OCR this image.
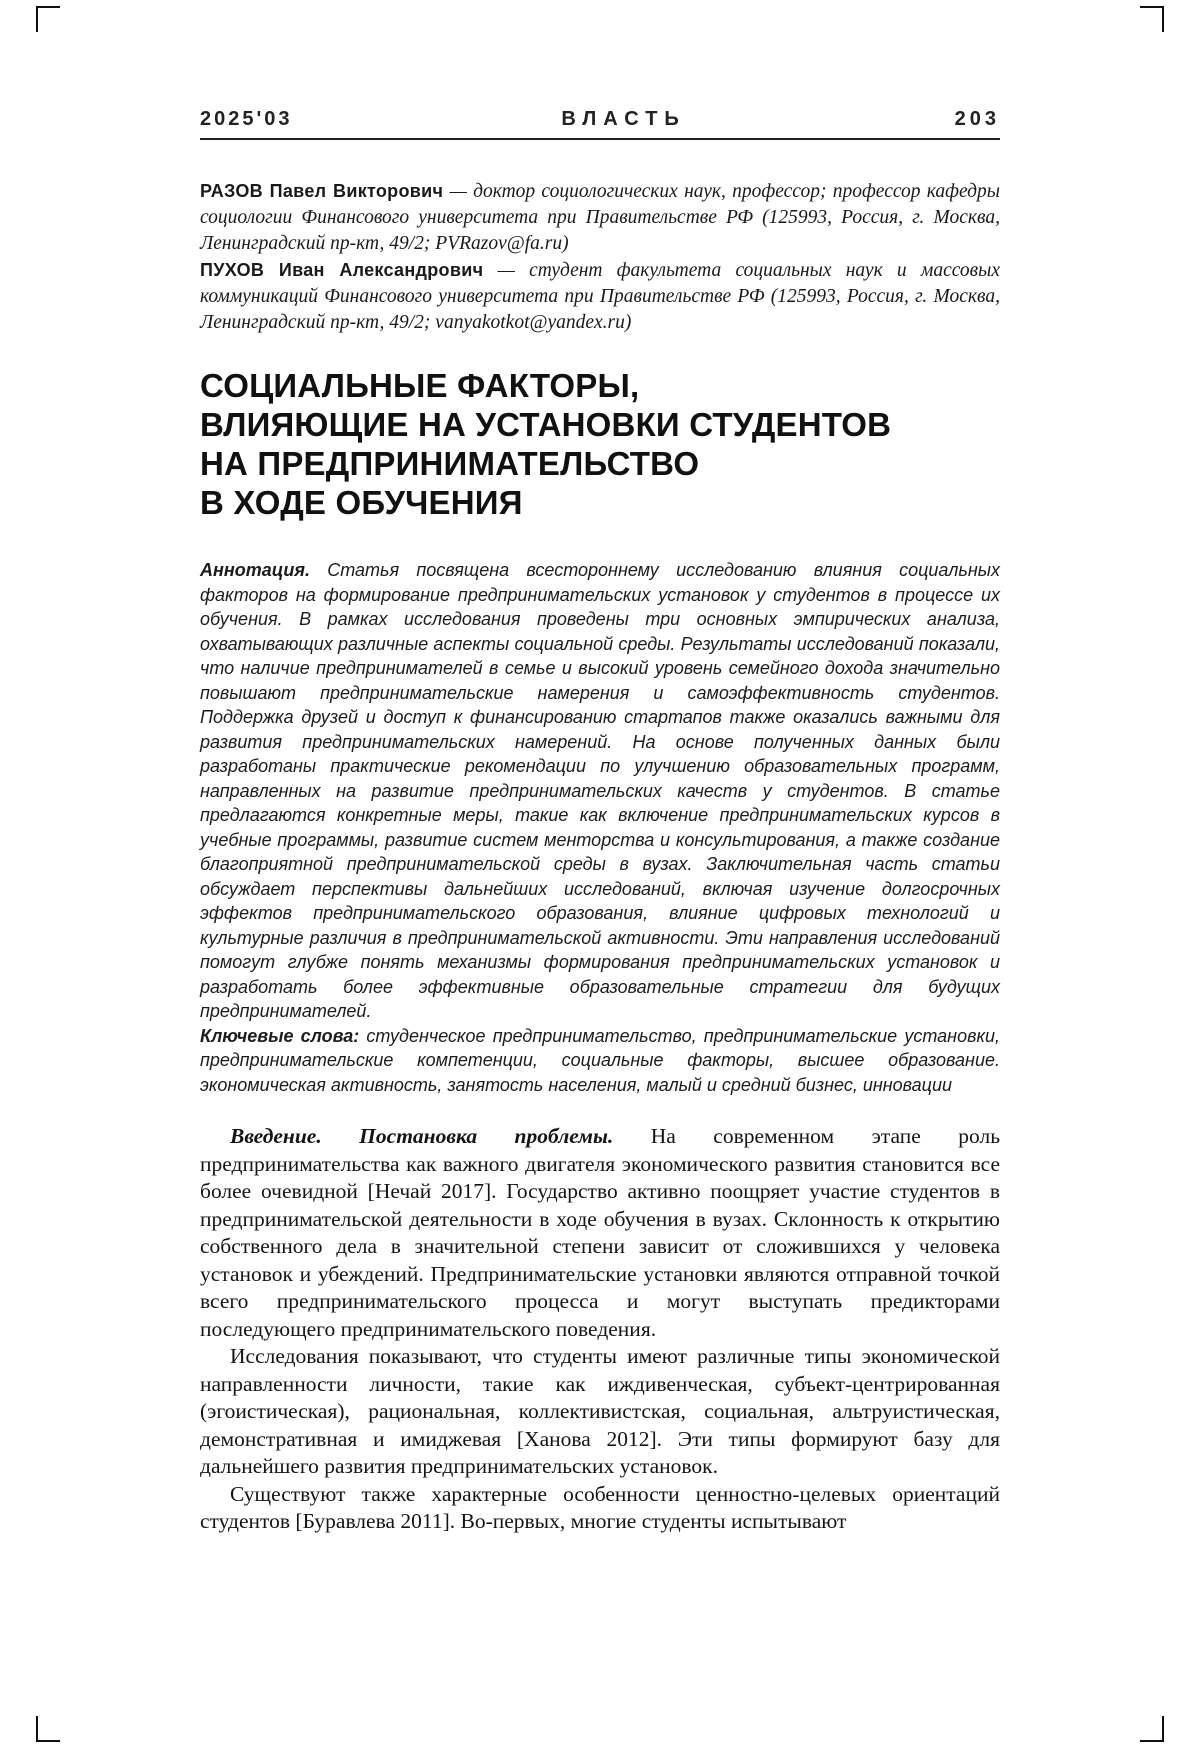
2025'03	ВЛАСТЬ	203
РАЗОВ Павел Викторович — доктор социологических наук, профессор; профессор кафедры социологии Финансового университета при Правительстве РФ (125993, Россия, г. Москва, Ленинградский пр-кт, 49/2; PVRazov@fa.ru)
ПУХОВ Иван Александрович — студент факультета социальных наук и массовых коммуникаций Финансового университета при Правительстве РФ (125993, Россия, г. Москва, Ленинградский пр-кт, 49/2; vanyakotkot@yandex.ru)
СОЦИАЛЬНЫЕ ФАКТОРЫ,
ВЛИЯЮЩИЕ НА УСТАНОВКИ СТУДЕНТОВ
НА ПРЕДПРИНИМАТЕЛЬСТВО
В ХОДЕ ОБУЧЕНИЯ

Аннотация. Статья посвящена всестороннему исследованию влияния социальных факторов на формирование предпринимательских установок у студентов в процессе их обучения. В рамках исследования проведены три основных эмпирических анализа, охватывающих различные аспекты социальной среды. Результаты исследований показали, что наличие предпринимателей в семье и высокий уровень семейного дохода значительно повышают предпринимательские намерения и самоэффективность студентов. Поддержка друзей и доступ к финансированию стартапов также оказались важными для развития предпринимательских намерений. На основе полученных данных были разработаны практические рекомендации по улучшению образовательных программ, направленных на развитие предпринимательских качеств у студентов. В статье предлагаются конкретные меры, такие как включение предпринимательских курсов в учебные программы, развитие систем менторства и консультирования, а также создание благоприятной предпринимательской среды в вузах. Заключительная часть статьи обсуждает перспективы дальнейших исследований, включая изучение долгосрочных эффектов предпринимательского образования, влияние цифровых технологий и культурные различия в предпринимательской активности. Эти направления исследований помогут глубже понять механизмы формирования предпринимательских установок и разработать более эффективные образовательные стратегии для будущих предпринимателей.

Ключевые слова: студенческое предпринимательство, предпринимательские установки, предпринимательские компетенции, социальные факторы, высшее образование. экономическая активность, занятость населения, малый и средний бизнес, инновации

Введение. Постановка проблемы. На современном этапе роль предпринимательства как важного двигателя экономического развития становится все более очевидной [Нечай 2017]. Государство активно поощряет участие студентов в предпринимательской деятельности в ходе обучения в вузах. Склонность к открытию собственного дела в значительной степени зависит от сложившихся у человека установок и убеждений. Предпринимательские установки являются отправной точкой всего предпринимательского процесса и могут выступать предикторами последующего предпринимательского поведения.

Исследования показывают, что студенты имеют различные типы экономической направленности личности, такие как иждивенческая, субъект-центрированная (эгоистическая), рациональная, коллективистская, социальная, альтруистическая, демонстративная и имиджевая [Ханова 2012]. Эти типы формируют базу для дальнейшего развития предпринимательских установок.

Существуют также характерные особенности ценностно-целевых ориентаций студентов [Буравлева 2011]. Во-первых, многие студенты испытывают
